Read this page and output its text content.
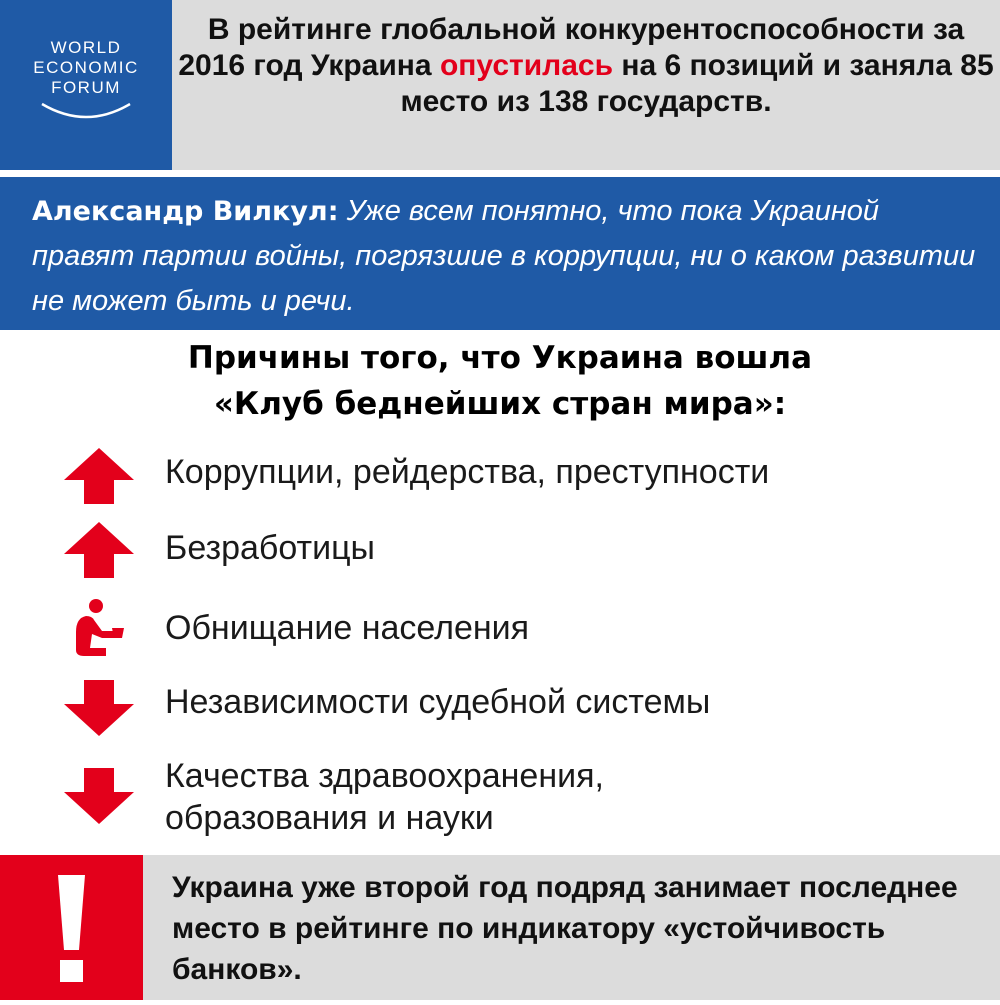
WORLD
ECONOMIC
FORUM
В рейтинге глобальной конкурентоспособности за 2016 год Украина опустилась на 6 позиций и заняла 85 место из 138 государств.
Александр Вилкул: Уже всем понятно, что пока Украиной правят партии войны, погрязшие в коррупции, ни о каком развитии не может быть и речи.
Причины того, что Украина вошла
«Клуб беднейших стран мира»:
Коррупции, рейдерства, преступности
Безработицы
Обнищание населения
Независимости судебной системы
Качества здравоохранения,
образования и науки
Украина уже второй год подряд занимает последнее место в рейтинге по индикатору «устойчивость банков».
